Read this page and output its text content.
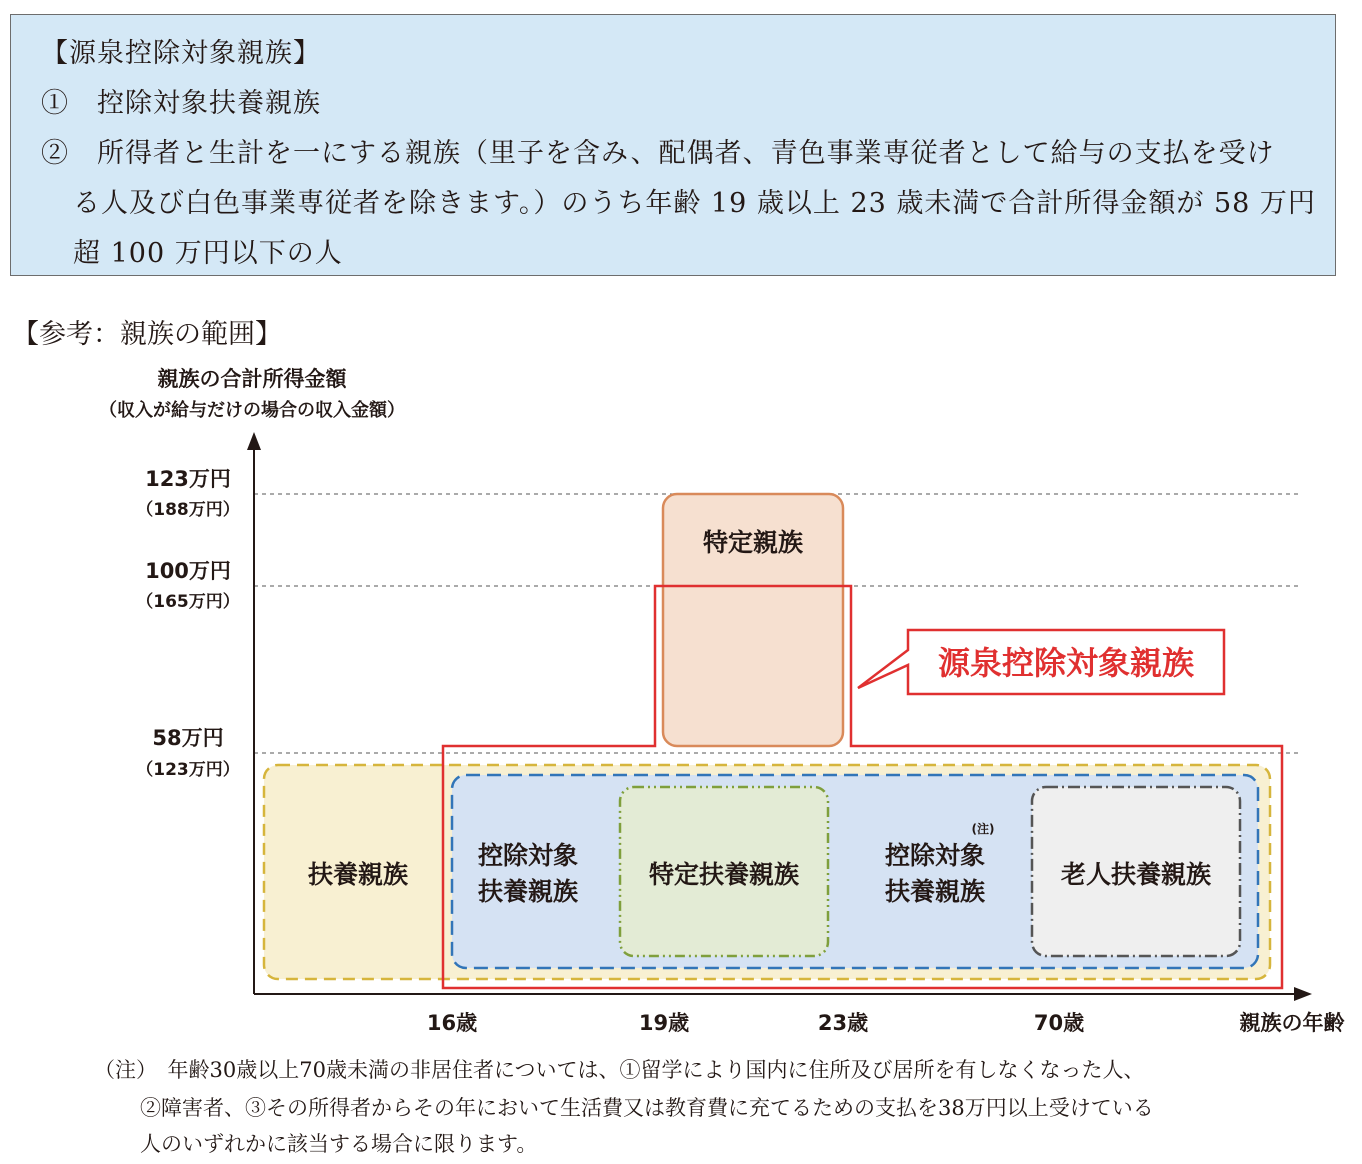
【源泉控除対象親族】
①　控除対象扶養親族
②　所得者と生計を一にする親族（里子を含み、配偶者、青色事業専従者として給与の支払を受け
る人及び白色事業専従者を除きます。）のうち年齢 19 歳以上 23 歳未満で合計所得金額が 58 万円
超 100 万円以下の人
【参考：親族の範囲】
親族の合計所得金額
（収入が給与だけの場合の収入金額）
123万円
（188万円）
100万円
（165万円）
58万円
（123万円）
特定親族
源泉控除対象親族
扶養親族
控除対象
扶養親族
特定扶養親族
控除対象
扶養親族
(注)
老人扶養親族
16歳	19歳	23歳	70歳	親族の年齢
（注）　年齢30歳以上70歳未満の非居住者については、①留学により国内に住所及び居所を有しなくなった人、
②障害者、③その所得者からその年において生活費又は教育費に充てるための支払を38万円以上受けている
人のいずれかに該当する場合に限ります。
